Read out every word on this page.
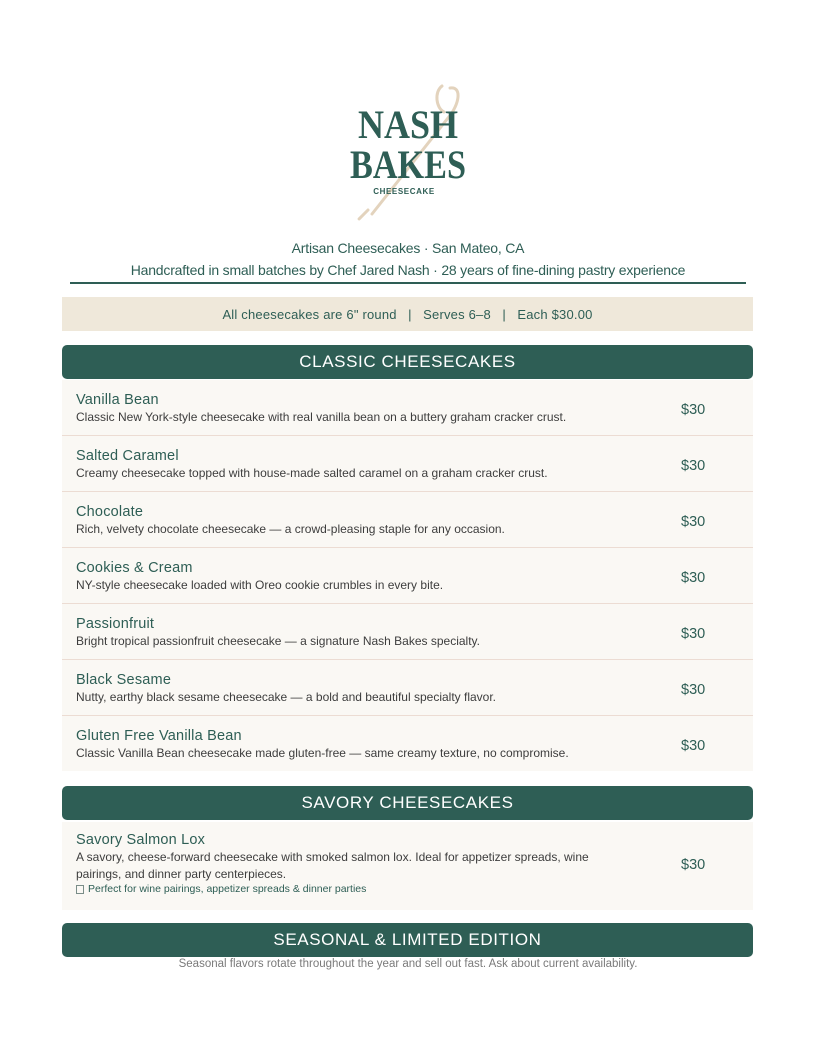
NASH
BAKES
CHEESECAKE
Artisan Cheesecakes · San Mateo, CA
Handcrafted in small batches by Chef Jared Nash · 28 years of fine-dining pastry experience
All cheesecakes are 6" round   |   Serves 6–8   |   Each $30.00
CLASSIC CHEESECAKES
Vanilla Bean
Classic New York-style cheesecake with real vanilla bean on a buttery graham cracker crust.	$30
Salted Caramel
Creamy cheesecake topped with house-made salted caramel on a graham cracker crust.	$30
Chocolate
Rich, velvety chocolate cheesecake — a crowd-pleasing staple for any occasion.	$30
Cookies & Cream
NY-style cheesecake loaded with Oreo cookie crumbles in every bite.	$30
Passionfruit
Bright tropical passionfruit cheesecake — a signature Nash Bakes specialty.	$30
Black Sesame
Nutty, earthy black sesame cheesecake — a bold and beautiful specialty flavor.	$30
Gluten Free Vanilla Bean
Classic Vanilla Bean cheesecake made gluten-free — same creamy texture, no compromise.	$30
SAVORY CHEESECAKES
Savory Salmon Lox
A savory, cheese-forward cheesecake with smoked salmon lox. Ideal for appetizer spreads, wine pairings, and dinner party centerpieces.
Perfect for wine pairings, appetizer spreads & dinner parties
$30
SEASONAL & LIMITED EDITION
Seasonal flavors rotate throughout the year and sell out fast. Ask about current availability.
